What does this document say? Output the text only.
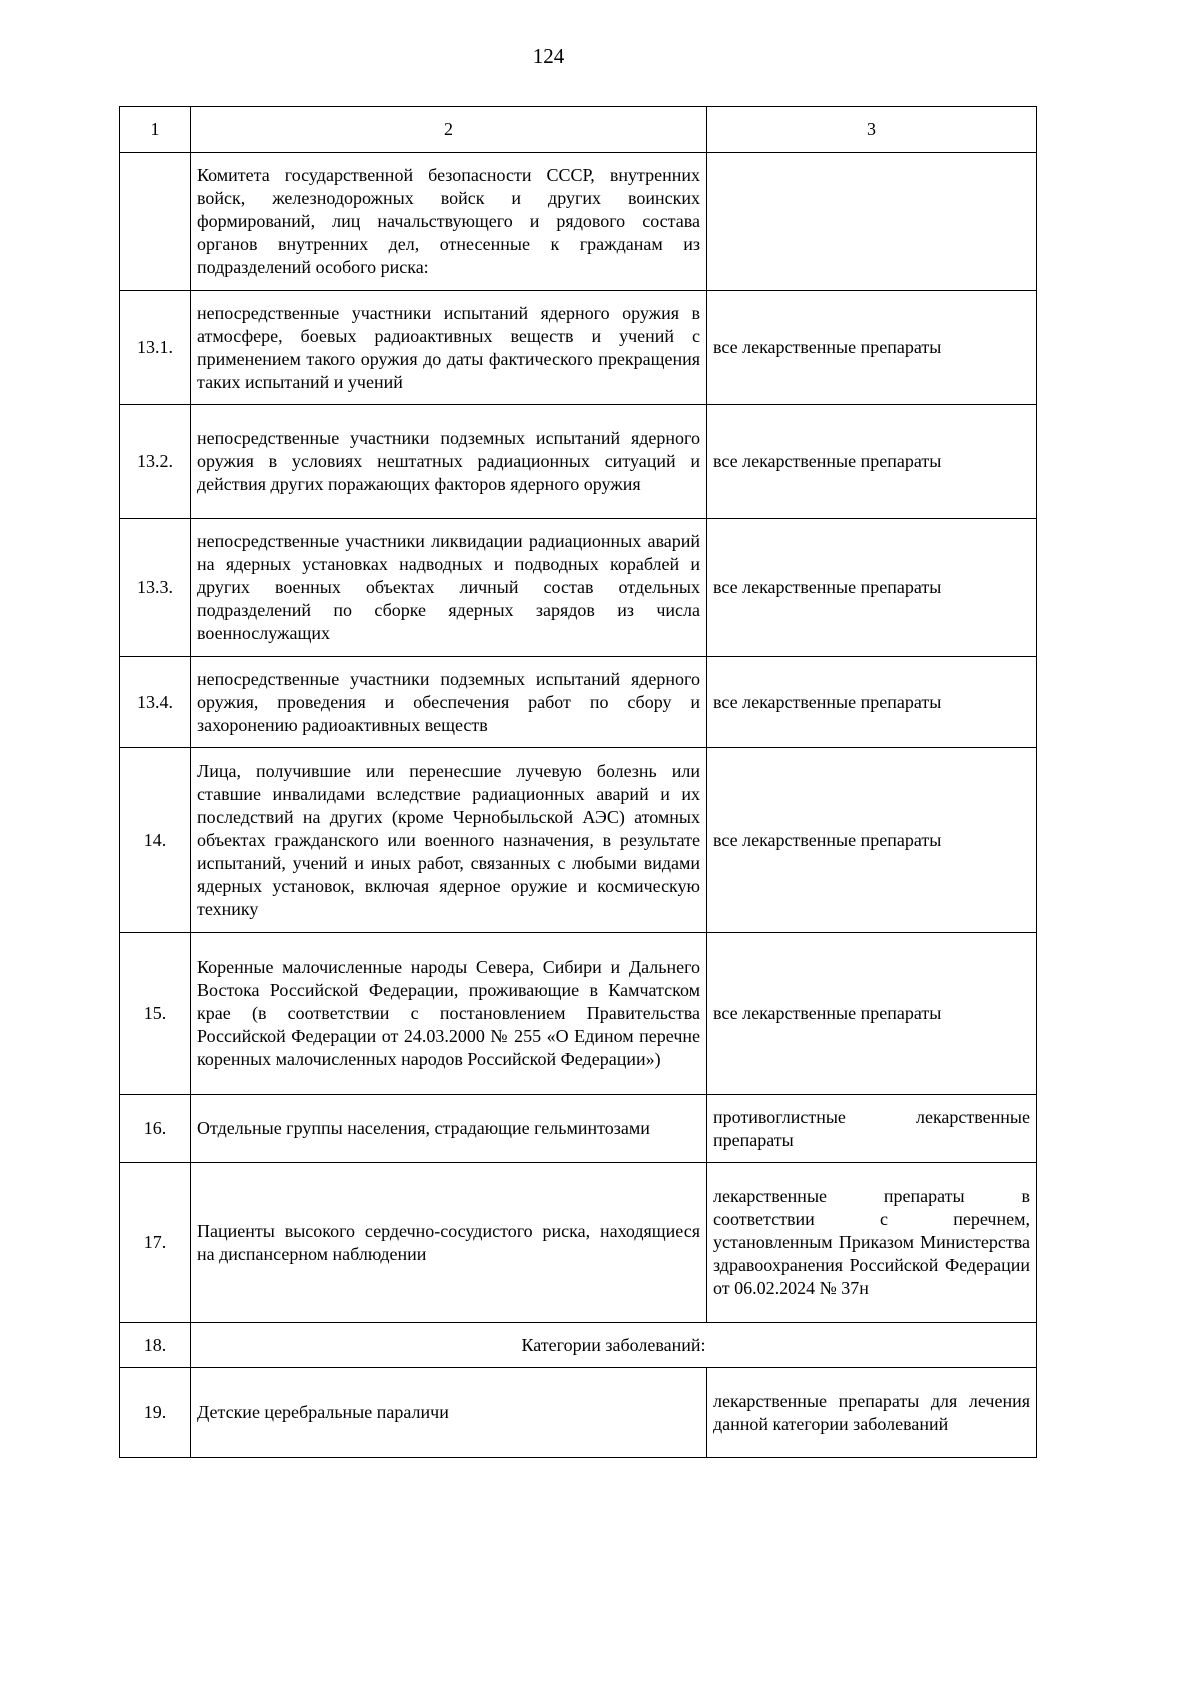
124
1	2	3
	Комитета государственной безопасности СССР, внутренних войск, железнодорожных войск и других воинских формирований, лиц начальствующего и рядового состава органов внутренних дел, отнесенные к гражданам из подразделений особого риска:	
13.1.	непосредственные участники испытаний ядерного оружия в атмосфере, боевых радиоактивных веществ и учений с применением такого оружия до даты фактического прекращения таких испытаний и учений	все лекарственные препараты
13.2.	непосредственные участники подземных испытаний ядерного оружия в условиях нештатных радиационных ситуаций и действия других поражающих факторов ядерного оружия	все лекарственные препараты
13.3.	непосредственные участники ликвидации радиационных аварий на ядерных установках надводных и подводных кораблей и других военных объектах личный состав отдельных подразделений по сборке ядерных зарядов из числа военнослужащих	все лекарственные препараты
13.4.	непосредственные участники подземных испытаний ядерного оружия, проведения и обеспечения работ по сбору и захоронению радиоактивных веществ	все лекарственные препараты
14.	Лица, получившие или перенесшие лучевую болезнь или ставшие инвалидами вследствие радиационных аварий и их последствий на других (кроме Чернобыльской АЭС) атомных объектах гражданского или военного назначения, в результате испытаний, учений и иных работ, связанных с любыми видами ядерных установок, включая ядерное оружие и космическую технику	все лекарственные препараты
15.	Коренные малочисленные народы Севера, Сибири и Дальнего Востока Российской Федерации, проживающие в Камчатском крае (в соответствии с постановлением Правительства Российской Федерации от 24.03.2000 № 255 «О Едином перечне коренных малочисленных народов Российской Федерации»)	все лекарственные препараты
16.	Отдельные группы населения, страдающие гельминтозами	противоглистные лекарственные препараты
17.	Пациенты высокого сердечно-сосудистого риска, находящиеся на диспансерном наблюдении	лекарственные препараты в соответствии с перечнем, установленным Приказом Министерства здравоохранения Российской Федерации от 06.02.2024 № 37н
18.	Категории заболеваний:	
19.	Детские церебральные параличи	лекарственные препараты для лечения данной категории заболеваний
